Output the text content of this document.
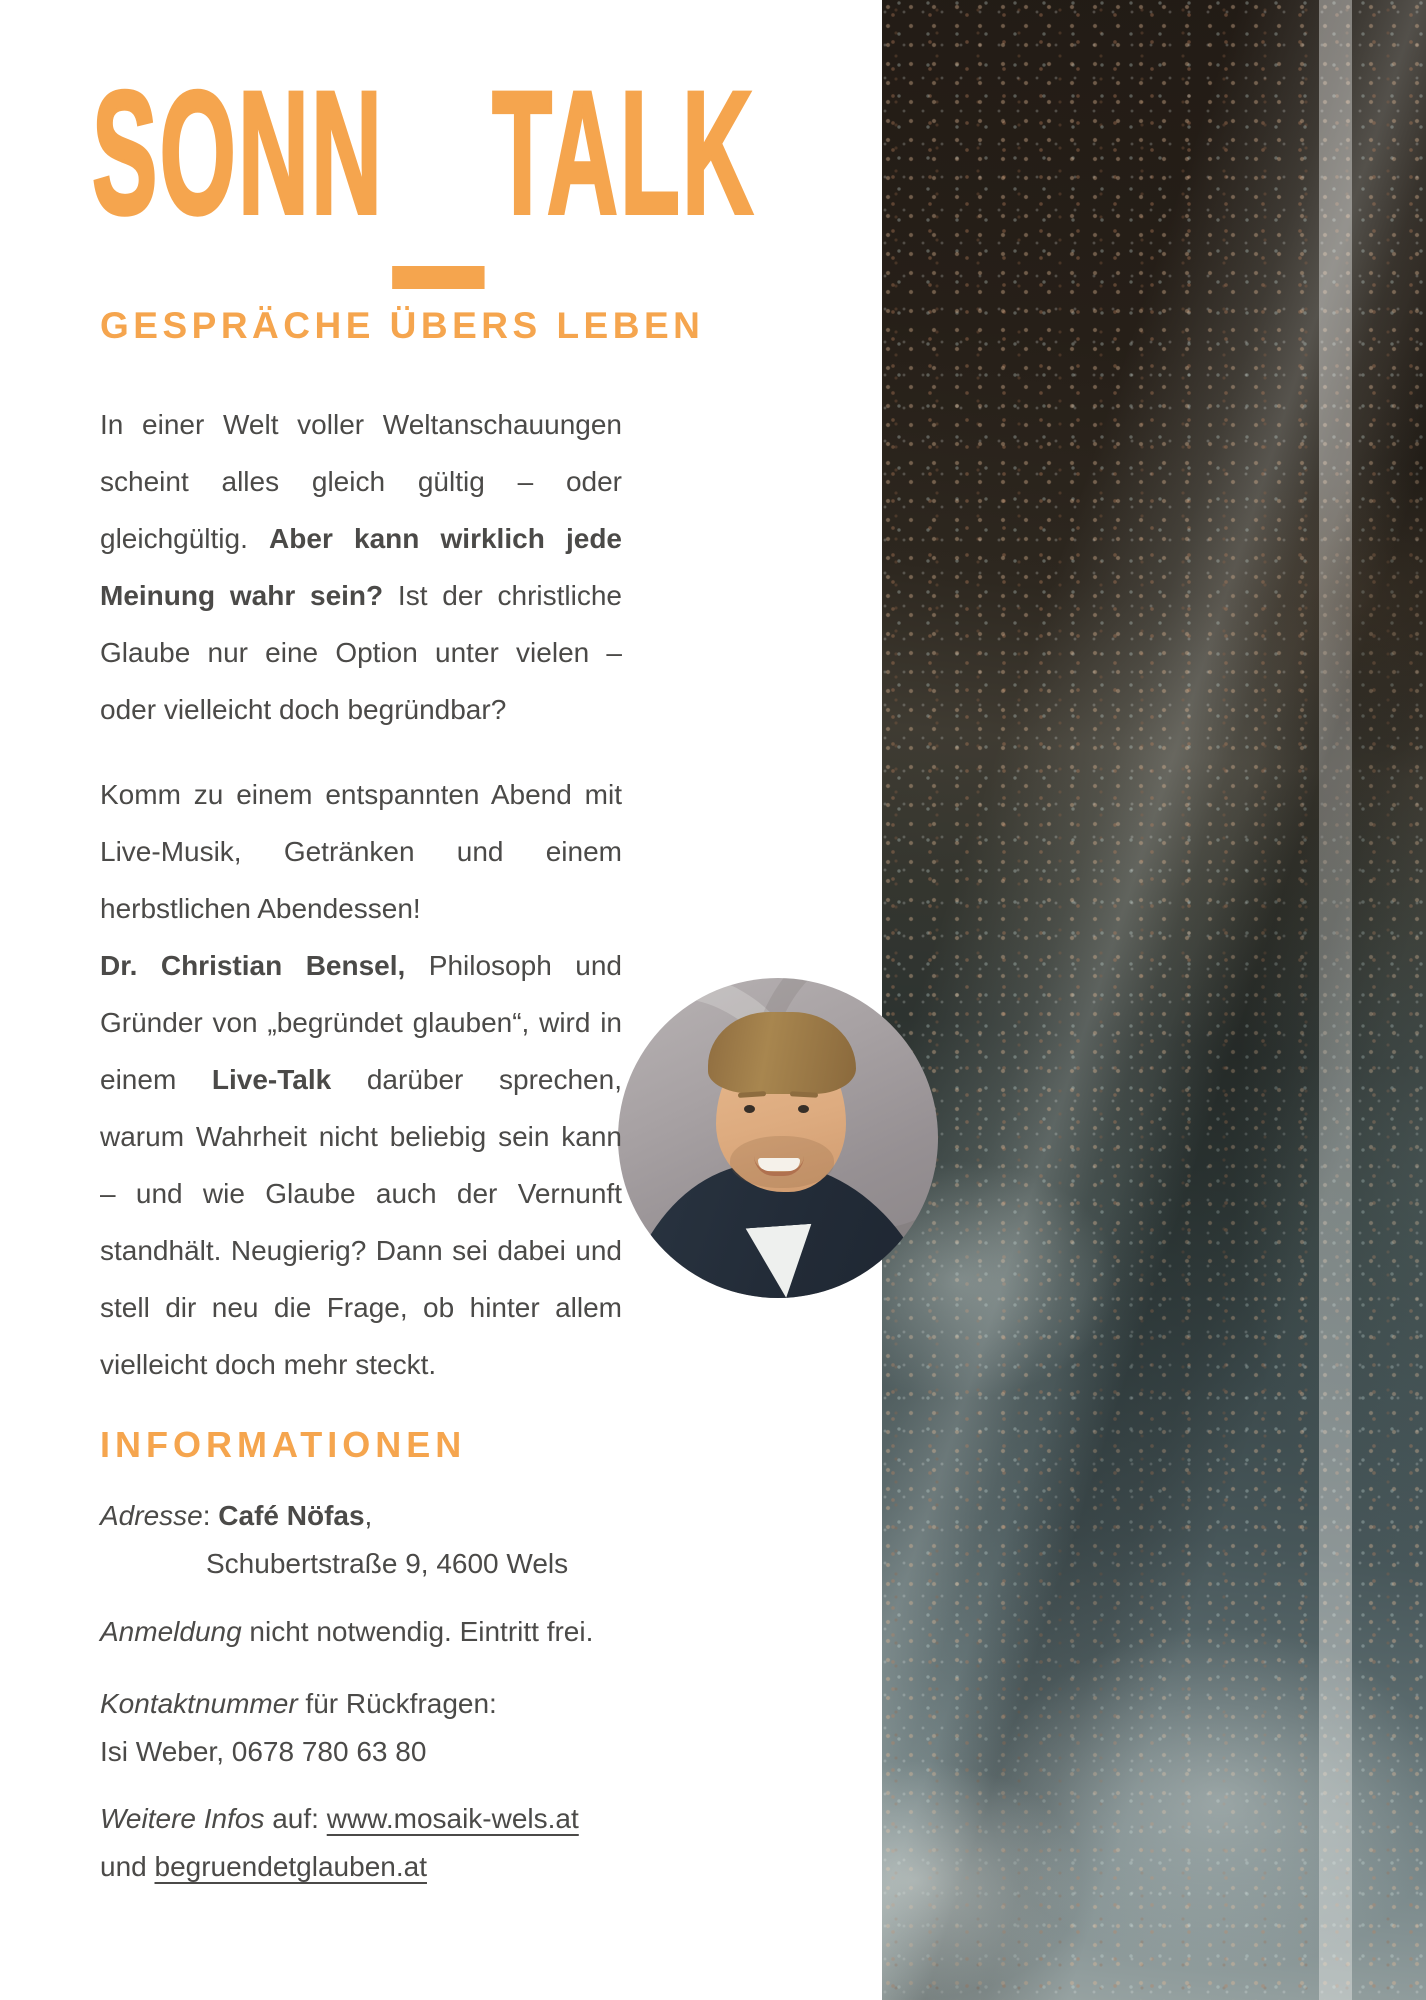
SONN TALK
GESPRÄCHE ÜBERS LEBEN

In einer Welt voller Weltanschauungen scheint alles gleich gültig – oder gleichgültig. Aber kann wirklich jede Meinung wahr sein? Ist der christliche Glaube nur eine Option unter vielen – oder vielleicht doch begründbar?

Komm zu einem entspannten Abend mit Live-Musik, Getränken und einem herbstlichen Abendessen!
Dr. Christian Bensel, Philosoph und Gründer von „begründet glauben“, wird in einem Live-Talk darüber sprechen, warum Wahrheit nicht beliebig sein kann – und wie Glaube auch der Vernunft standhält. Neugierig? Dann sei dabei und stell dir neu die Frage, ob hinter allem vielleicht doch mehr steckt.

INFORMATIONEN

Adresse: Café Nöfas,
Schubertstraße 9, 4600 Wels

Anmeldung nicht notwendig. Eintritt frei.

Kontaktnummer für Rückfragen:
Isi Weber, 0678 780 63 80

Weitere Infos auf: www.mosaik-wels.at
und begruendetglauben.at
